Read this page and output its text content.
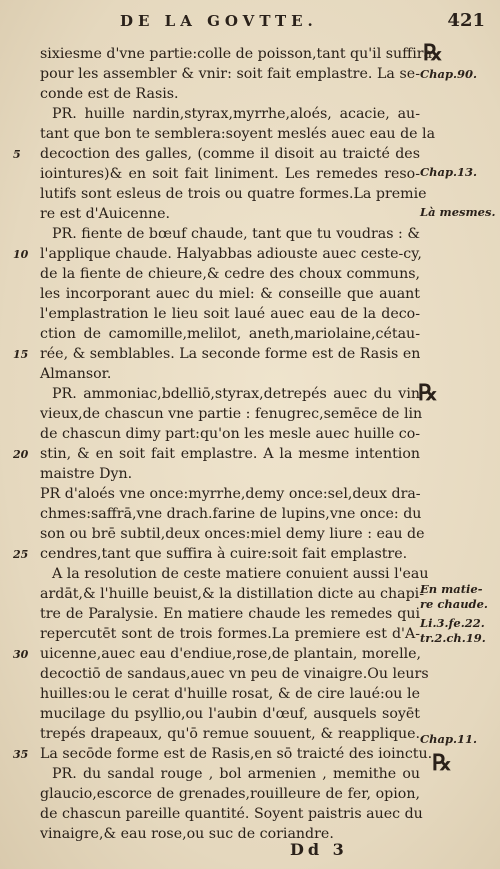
DE LA GOVTTE.	421
sixiesme d'vne partie:colle de poisson,tant qu'il suffira
pour les assembler & vnir: soit fait emplastre. La se-
conde est de Rasis.
PR. huille nardin,styrax,myrrhe,aloés, acacie, au-
tant que bon te semblera:soyent meslés auec eau de la
decoction des galles, (comme il disoit au traicté des
iointures)& en soit fait liniment. Les remedes reso-
lutifs sont esleus de trois ou quatre formes.La premie
re est d'Auicenne.
PR. fiente de bœuf chaude, tant que tu voudras : &
l'applique chaude. Halyabbas adiouste auec ceste-cy,
de la fiente de chieure,& cedre des choux communs,
les incorporant auec du miel: & conseille que auant
l'emplastration le lieu soit laué auec eau de la deco-
ction de camomille,melilot, aneth,mariolaine,cétau-
rée, & semblables. La seconde forme est de Rasis en
Almansor.
PR. ammoniac,bdelliō,styrax,detrepés auec du vin
vieux,de chascun vne partie : fenugrec,semēce de lin
de chascun dimy part:qu'on les mesle auec huille co-
stin, & en soit fait emplastre. A la mesme intention
maistre Dyn.
PR d'aloés vne once:myrrhe,demy once:sel,deux dra-
chmes:saffrā,vne drach.farine de lupins,vne once: du
son ou brē subtil,deux onces:miel demy liure : eau de
cendres,tant que suffira à cuire:soit fait emplastre.
A la resolution de ceste matiere conuient aussi l'eau
ardāt,& l'huille beuist,& la distillation dicte au chapi-
tre de Paralysie. En matiere chaude les remedes qui
repercutēt sont de trois formes.La premiere est d'A-
uicenne,auec eau d'endiue,rose,de plantain, morelle,
decoctiō de sandaus,auec vn peu de vinaigre.Ou leurs
huilles:ou le cerat d'huille rosat, & de cire laué:ou le
mucilage du psyllio,ou l'aubin d'œuf, ausquels soyēt
trepés drapeaux, qu'ō remue souuent, & reapplique.
La secōde forme est de Rasis,en sō traicté des ioinctu.
PR. du sandal rouge , bol armenien , memithe ou
glaucio,escorce de grenades,rouilleure de fer, opion,
de chascun pareille quantité. Soyent paistris auec du
vinaigre,& eau rose,ou suc de coriandre.
5
10
15
20
25
30
35
℞
℞
℞
Chap.90.
Chap.13.
Là mesmes.
En matie-
re chaude.
Li.3.fe.22.
tr.2.ch.19.
Chap.11.
Dd 3
